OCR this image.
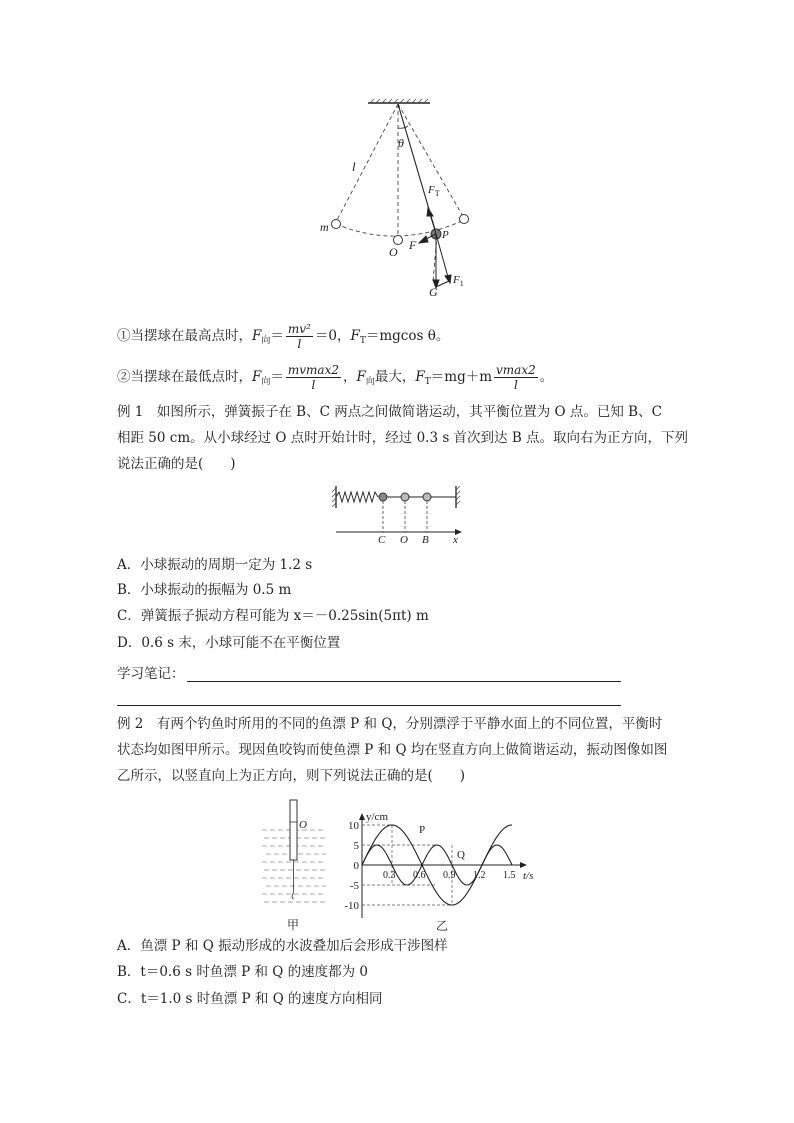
θ
l
$F_T$
m
O F
P
$F_1$
G
①当摆球在最高点时，$F_向= \frac{\text{mv²}}{l} =0$，$F_T=mgcos$ θ。
②当摆球在最低点时，$F_向= \frac{mvmax2}{l}$ ，$F_向$最大，$F_T=mg+m \frac{vmax2}{l}$ 。
例 1　如图所示，弹簧振子在 B、C 两点之间做简谐运动，其平衡位置为 O 点。已知 B、C
相距 50 cm。从小球经过 O 点时开始计时，经过 0.3 s 首次到达 B 点。取向右为正方向，下列
说法正确的是(　　)
C O B x
A．小球振动的周期一定为 1.2 s
B．小球振动的振幅为 0.5 m
C．弹簧振子振动方程可能为 x＝－0.25sin(5πt) m
D．0.6 s 末，小球可能不在平衡位置
学习笔记：
例 2　有两个钓鱼时所用的不同的鱼漂 P 和 Q，分别漂浮于平静水面上的不同位置，平衡时
状态均如图甲所示。现因鱼咬钩而使鱼漂 P 和 Q 均在竖直方向上做简谐运动，振动图像如图
乙所示，以竖直向上为正方向，则下列说法正确的是(　　)
O
甲
y/cm
t/s
10
5
0
-5
-10
0.3 0.6 0.9 1.2 1.5
P
Q
乙
A．鱼漂 P 和 Q 振动形成的水波叠加后会形成干涉图样
B．t＝0.6 s 时鱼漂 P 和 Q 的速度都为 0
C．t＝1.0 s 时鱼漂 P 和 Q 的速度方向相同
